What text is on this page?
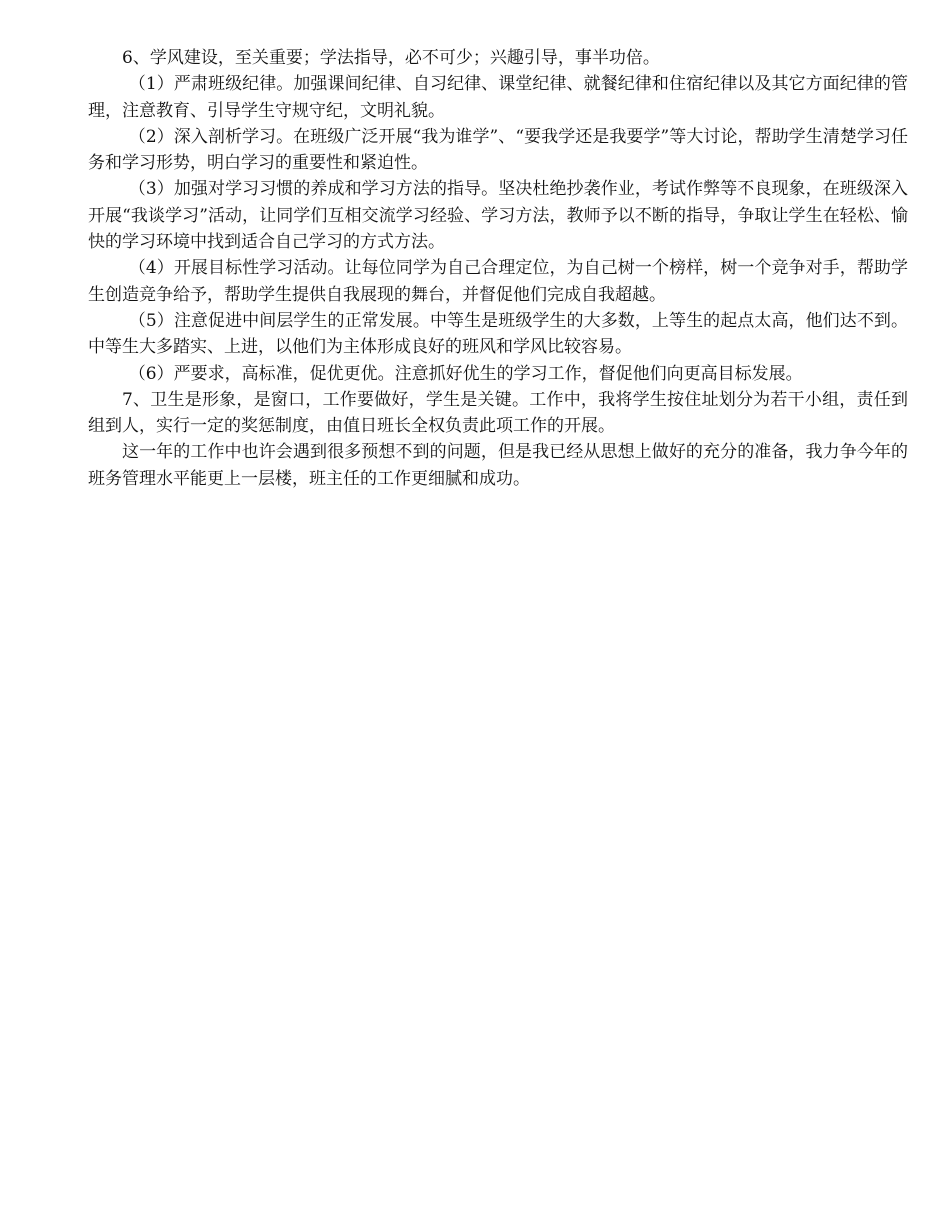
6、学风建设，至关重要；学法指导，必不可少；兴趣引导，事半功倍。

（1）严肃班级纪律。加强课间纪律、自习纪律、课堂纪律、就餐纪律和住宿纪律以及其它方面纪律的管理，注意教育、引导学生守规守纪，文明礼貌。

（2）深入剖析学习。在班级广泛开展“我为谁学”、“要我学还是我要学”等大讨论，帮助学生清楚学习任务和学习形势，明白学习的重要性和紧迫性。

（3）加强对学习习惯的养成和学习方法的指导。坚决杜绝抄袭作业，考试作弊等不良现象，在班级深入开展“我谈学习”活动，让同学们互相交流学习经验、学习方法，教师予以不断的指导，争取让学生在轻松、愉快的学习环境中找到适合自己学习的方式方法。

（4）开展目标性学习活动。让每位同学为自己合理定位，为自己树一个榜样，树一个竞争对手，帮助学生创造竞争给予，帮助学生提供自我展现的舞台，并督促他们完成自我超越。

（5）注意促进中间层学生的正常发展。中等生是班级学生的大多数，上等生的起点太高，他们达不到。中等生大多踏实、上进，以他们为主体形成良好的班风和学风比较容易。

（6）严要求，高标准，促优更优。注意抓好优生的学习工作，督促他们向更高目标发展。

7、卫生是形象，是窗口，工作要做好，学生是关键。工作中，我将学生按住址划分为若干小组，责任到组到人，实行一定的奖惩制度，由值日班长全权负责此项工作的开展。

这一年的工作中也许会遇到很多预想不到的问题，但是我已经从思想上做好的充分的准备，我力争今年的班务管理水平能更上一层楼，班主任的工作更细腻和成功。
